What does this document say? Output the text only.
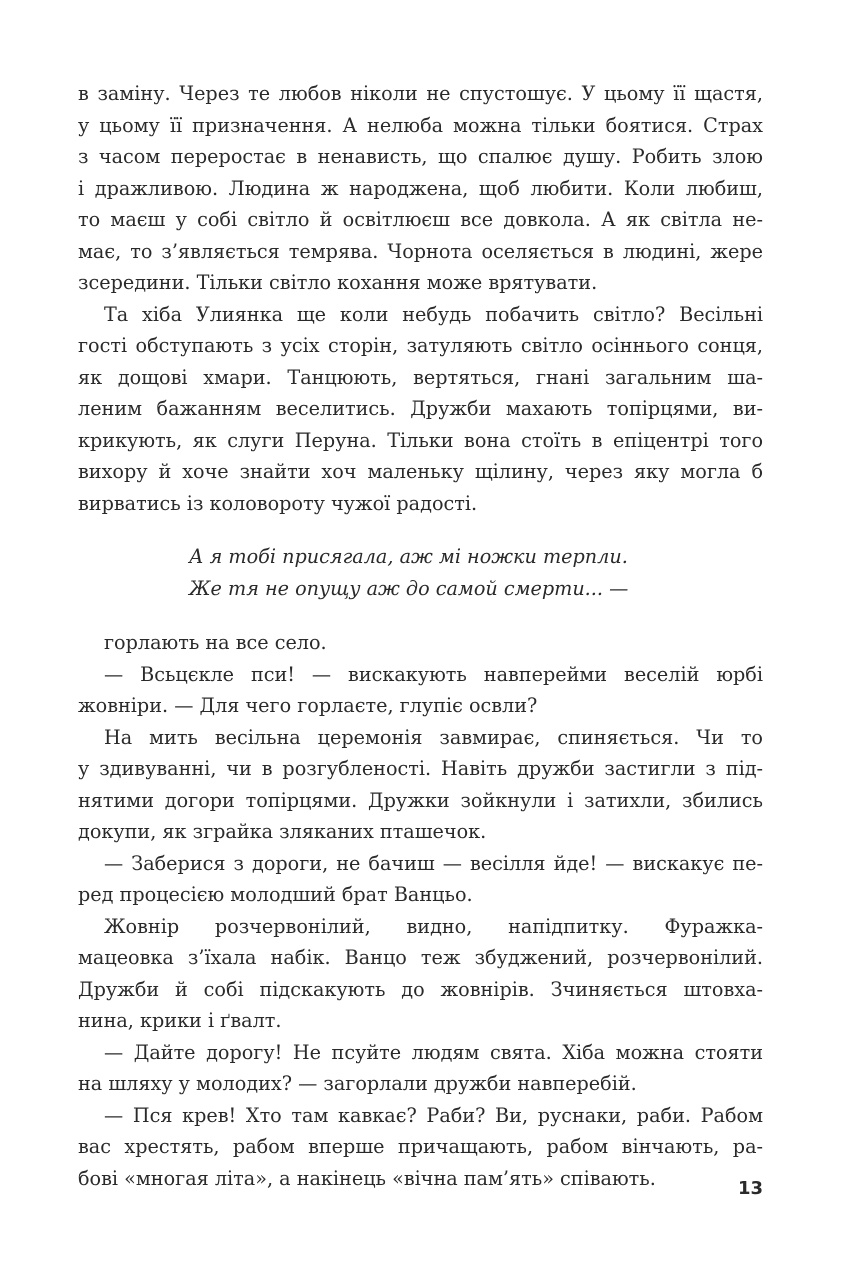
в заміну. Через те любов ніколи не спустошує. У цьому її щастя,
у цьому її призначення. А нелюба можна тільки боятися. Страх
з часом переростає в ненависть, що спалює душу. Робить злою
і дражливою. Людина ж народжена, щоб любити. Коли любиш,
то маєш у собі світло й освітлюєш все довкола. А як світла не-
має, то з’являється темрява. Чорнота оселяється в людині, жере
зсередини. Тільки світло кохання може врятувати.

Та хіба Улиянка ще коли небудь побачить світло? Весільні
гості обступають з усіх сторін, затуляють світло осіннього сонця,
як дощові хмари. Танцюють, вертяться, гнані загальним ша-
леним бажанням веселитись. Дружби махають топірцями, ви-
крикують, як слуги Перуна. Тільки вона стоїть в епіцентрі того
вихору й хоче знайти хоч маленьку щілину, через яку могла б
вирватись із коловороту чужої радості.

А я тобі присягала, аж мі ножки терпли.
Же тя не опущу аж до самой смерти... —

горлають на все село.

— Всьцєкле пси! — вискакують навперейми веселій юрбі
жовніри. — Для чего горлаєте, глупіє освли?

На мить весільна церемонія завмирає, спиняється. Чи то
у здивуванні, чи в розгубленості. Навіть дружби застигли з під-
нятими догори топірцями. Дружки зойкнули і затихли, збились
докупи, як зграйка зляканих пташечок.

— Заберися з дороги, не бачиш — весілля йде! — вискакує пе-
ред процесією молодший брат Ванцьо.

Жовнір розчервонілий, видно, напідпитку. Фуражка-
мацеовка з’їхала набік. Ванцо теж збуджений, розчервонілий.
Дружби й собі підскакують до жовнірів. Зчиняється штовха-
нина, крики і ґвалт.

— Дайте дорогу! Не псуйте людям свята. Хіба можна стояти
на шляху у молодих? — загорлали дружби навперебій.

— Пся крев! Хто там кавкає? Раби? Ви, руснаки, раби. Рабом
вас хрестять, рабом вперше причащають, рабом вінчають, ра-
бові «многая літа», а накінець «вічна пам’ять» співають.	13
